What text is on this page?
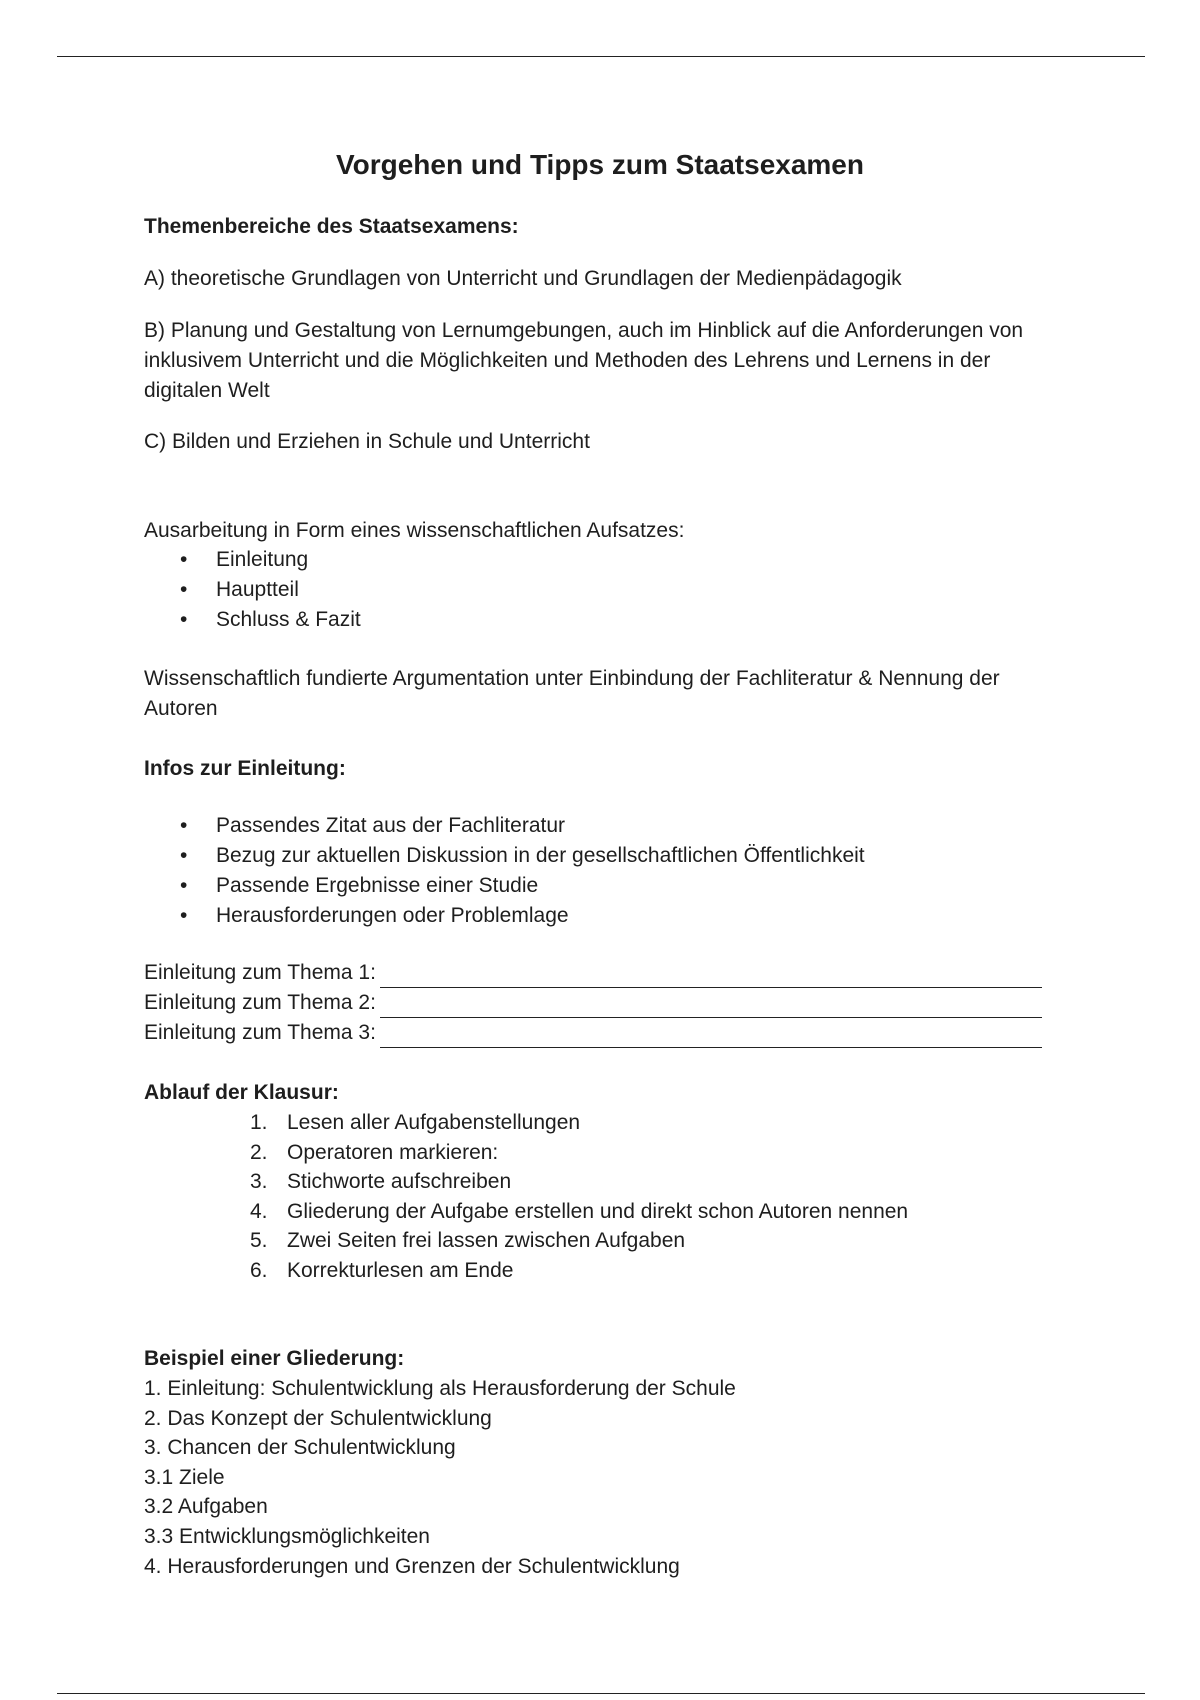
Vorgehen und Tipps zum Staatsexamen
Themenbereiche des Staatsexamens:
A) theoretische Grundlagen von Unterricht und Grundlagen der Medienpädagogik
B) Planung und Gestaltung von Lernumgebungen, auch im Hinblick auf die Anforderungen von inklusivem Unterricht und die Möglichkeiten und Methoden des Lehrens und Lernens in der digitalen Welt
C) Bilden und Erziehen in Schule und Unterricht
Ausarbeitung in Form eines wissenschaftlichen Aufsatzes:
• Einleitung
• Hauptteil
• Schluss & Fazit
Wissenschaftlich fundierte Argumentation unter Einbindung der Fachliteratur & Nennung der Autoren
Infos zur Einleitung:
• Passendes Zitat aus der Fachliteratur
• Bezug zur aktuellen Diskussion in der gesellschaftlichen Öffentlichkeit
• Passende Ergebnisse einer Studie
• Herausforderungen oder Problemlage
Einleitung zum Thema 1:
Einleitung zum Thema 2:
Einleitung zum Thema 3:
Ablauf der Klausur:
1. Lesen aller Aufgabenstellungen
2. Operatoren markieren:
3. Stichworte aufschreiben
4. Gliederung der Aufgabe erstellen und direkt schon Autoren nennen
5. Zwei Seiten frei lassen zwischen Aufgaben
6. Korrekturlesen am Ende
Beispiel einer Gliederung:
1. Einleitung: Schulentwicklung als Herausforderung der Schule
2. Das Konzept der Schulentwicklung
3. Chancen der Schulentwicklung
3.1 Ziele
3.2 Aufgaben
3.3 Entwicklungsmöglichkeiten
4. Herausforderungen und Grenzen der Schulentwicklung
